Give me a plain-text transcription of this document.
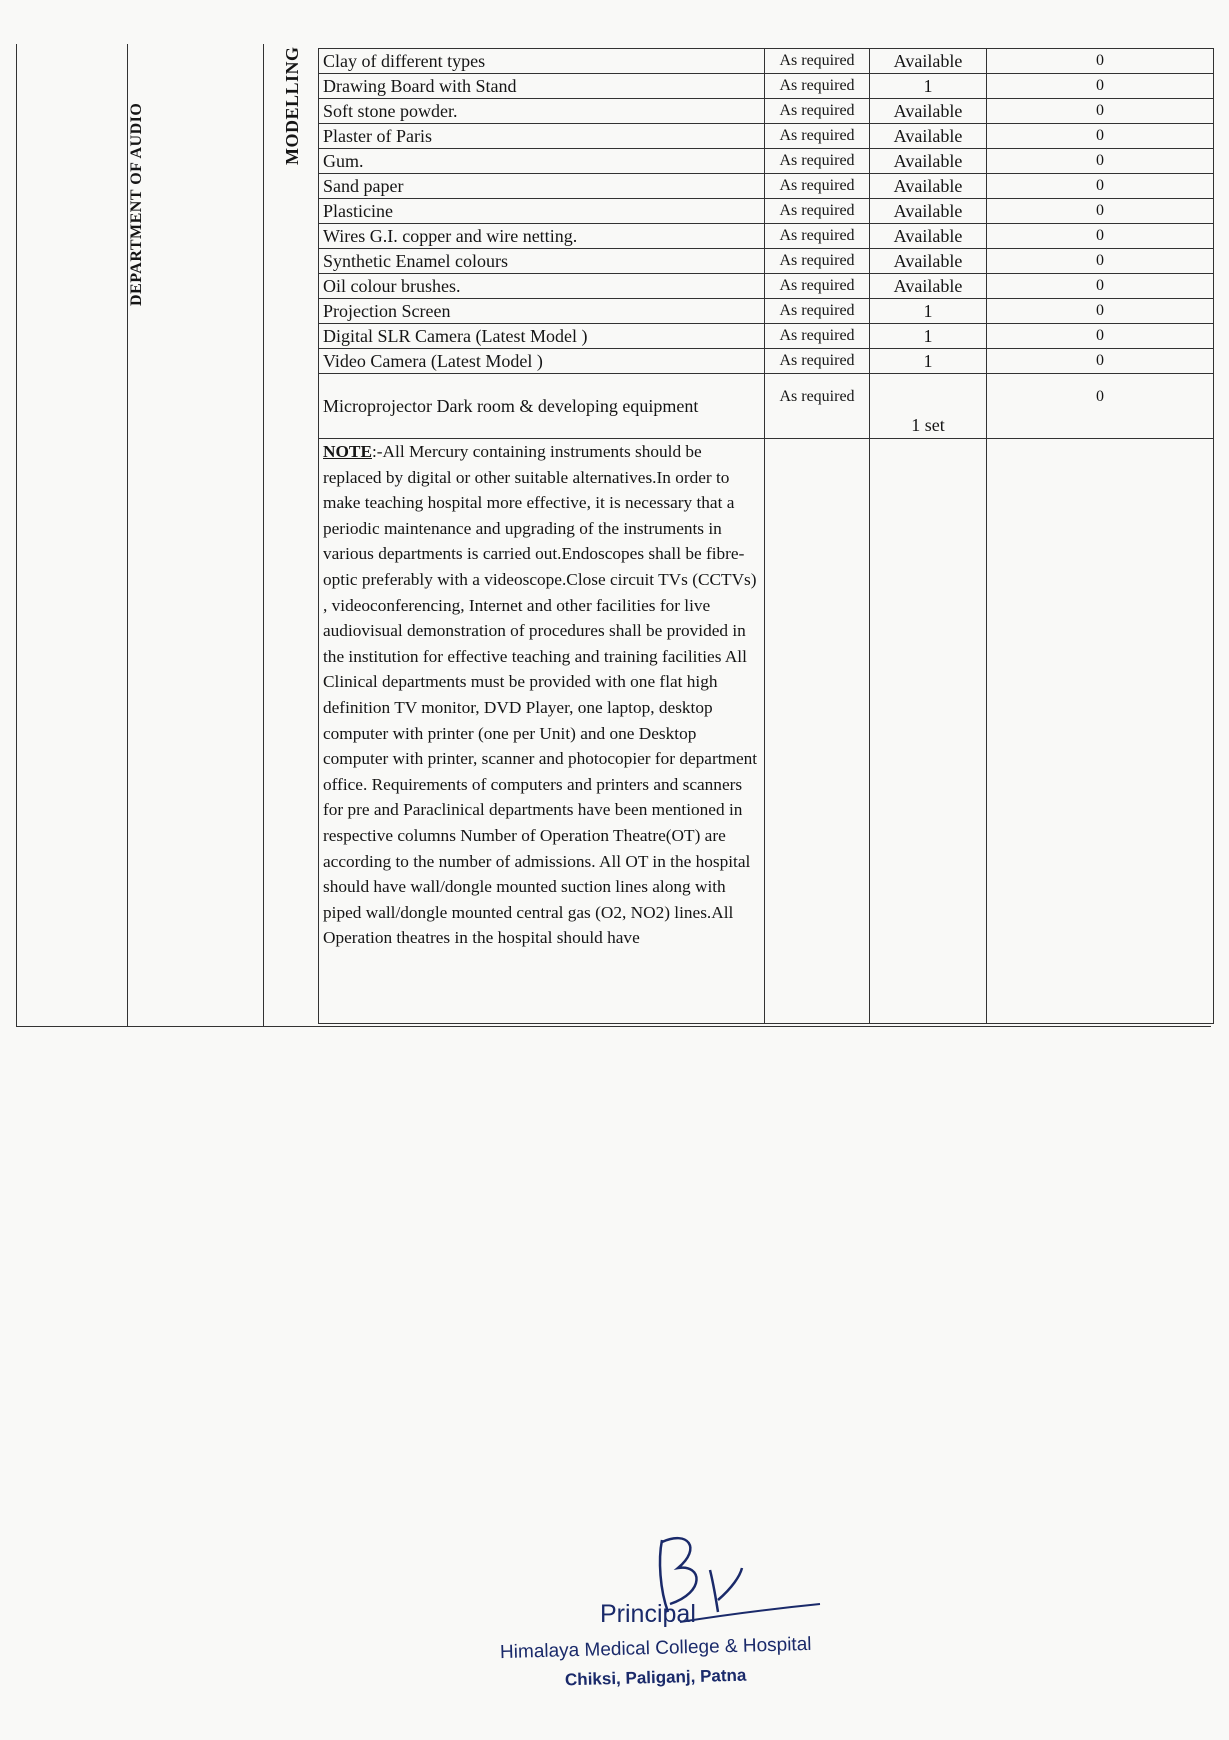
DEPARTMENT OF AUDIO	MODELLING	Clay of different types	As required	Available	0
Drawing Board with Stand	As required	1	0
Soft stone powder.	As required	Available	0
Plaster of Paris	As required	Available	0
Gum.	As required	Available	0
Sand paper	As required	Available	0
Plasticine	As required	Available	0
Wires G.I. copper and wire netting.	As required	Available	0
Synthetic Enamel colours	As required	Available	0
Oil colour brushes.	As required	Available	0
Projection Screen	As required	1	0
Digital SLR Camera (Latest Model )	As required	1	0
Video Camera (Latest Model )	As required	1	0
Microprojector Dark room & developing equipment	As required	1 set	0

NOTE:-All Mercury containing instruments should be replaced by digital or other suitable alternatives.In order to make teaching hospital more effective, it is necessary that a periodic maintenance and upgrading of the instruments in various departments is carried out.Endoscopes shall be fibre-optic preferably with a videoscope.Close circuit TVs (CCTVs) , videoconferencing, Internet and other facilities for live audiovisual demonstration of procedures shall be provided in the institution for effective teaching and training facilities All Clinical departments must be provided with one flat high definition TV monitor, DVD Player, one laptop, desktop computer with printer (one per Unit) and one Desktop computer with printer, scanner and photocopier for department office. Requirements of computers and printers and scanners for pre and Paraclinical departments have been mentioned in respective columns Number of Operation Theatre(OT) are according to the number of admissions. All OT in the hospital should have wall/dongle mounted suction lines along with piped wall/dongle mounted central gas (O2, NO2) lines.All Operation theatres in the hospital should have			

Principal
Himalaya Medical College & Hospital
Chiksi, Paliganj, Patna
